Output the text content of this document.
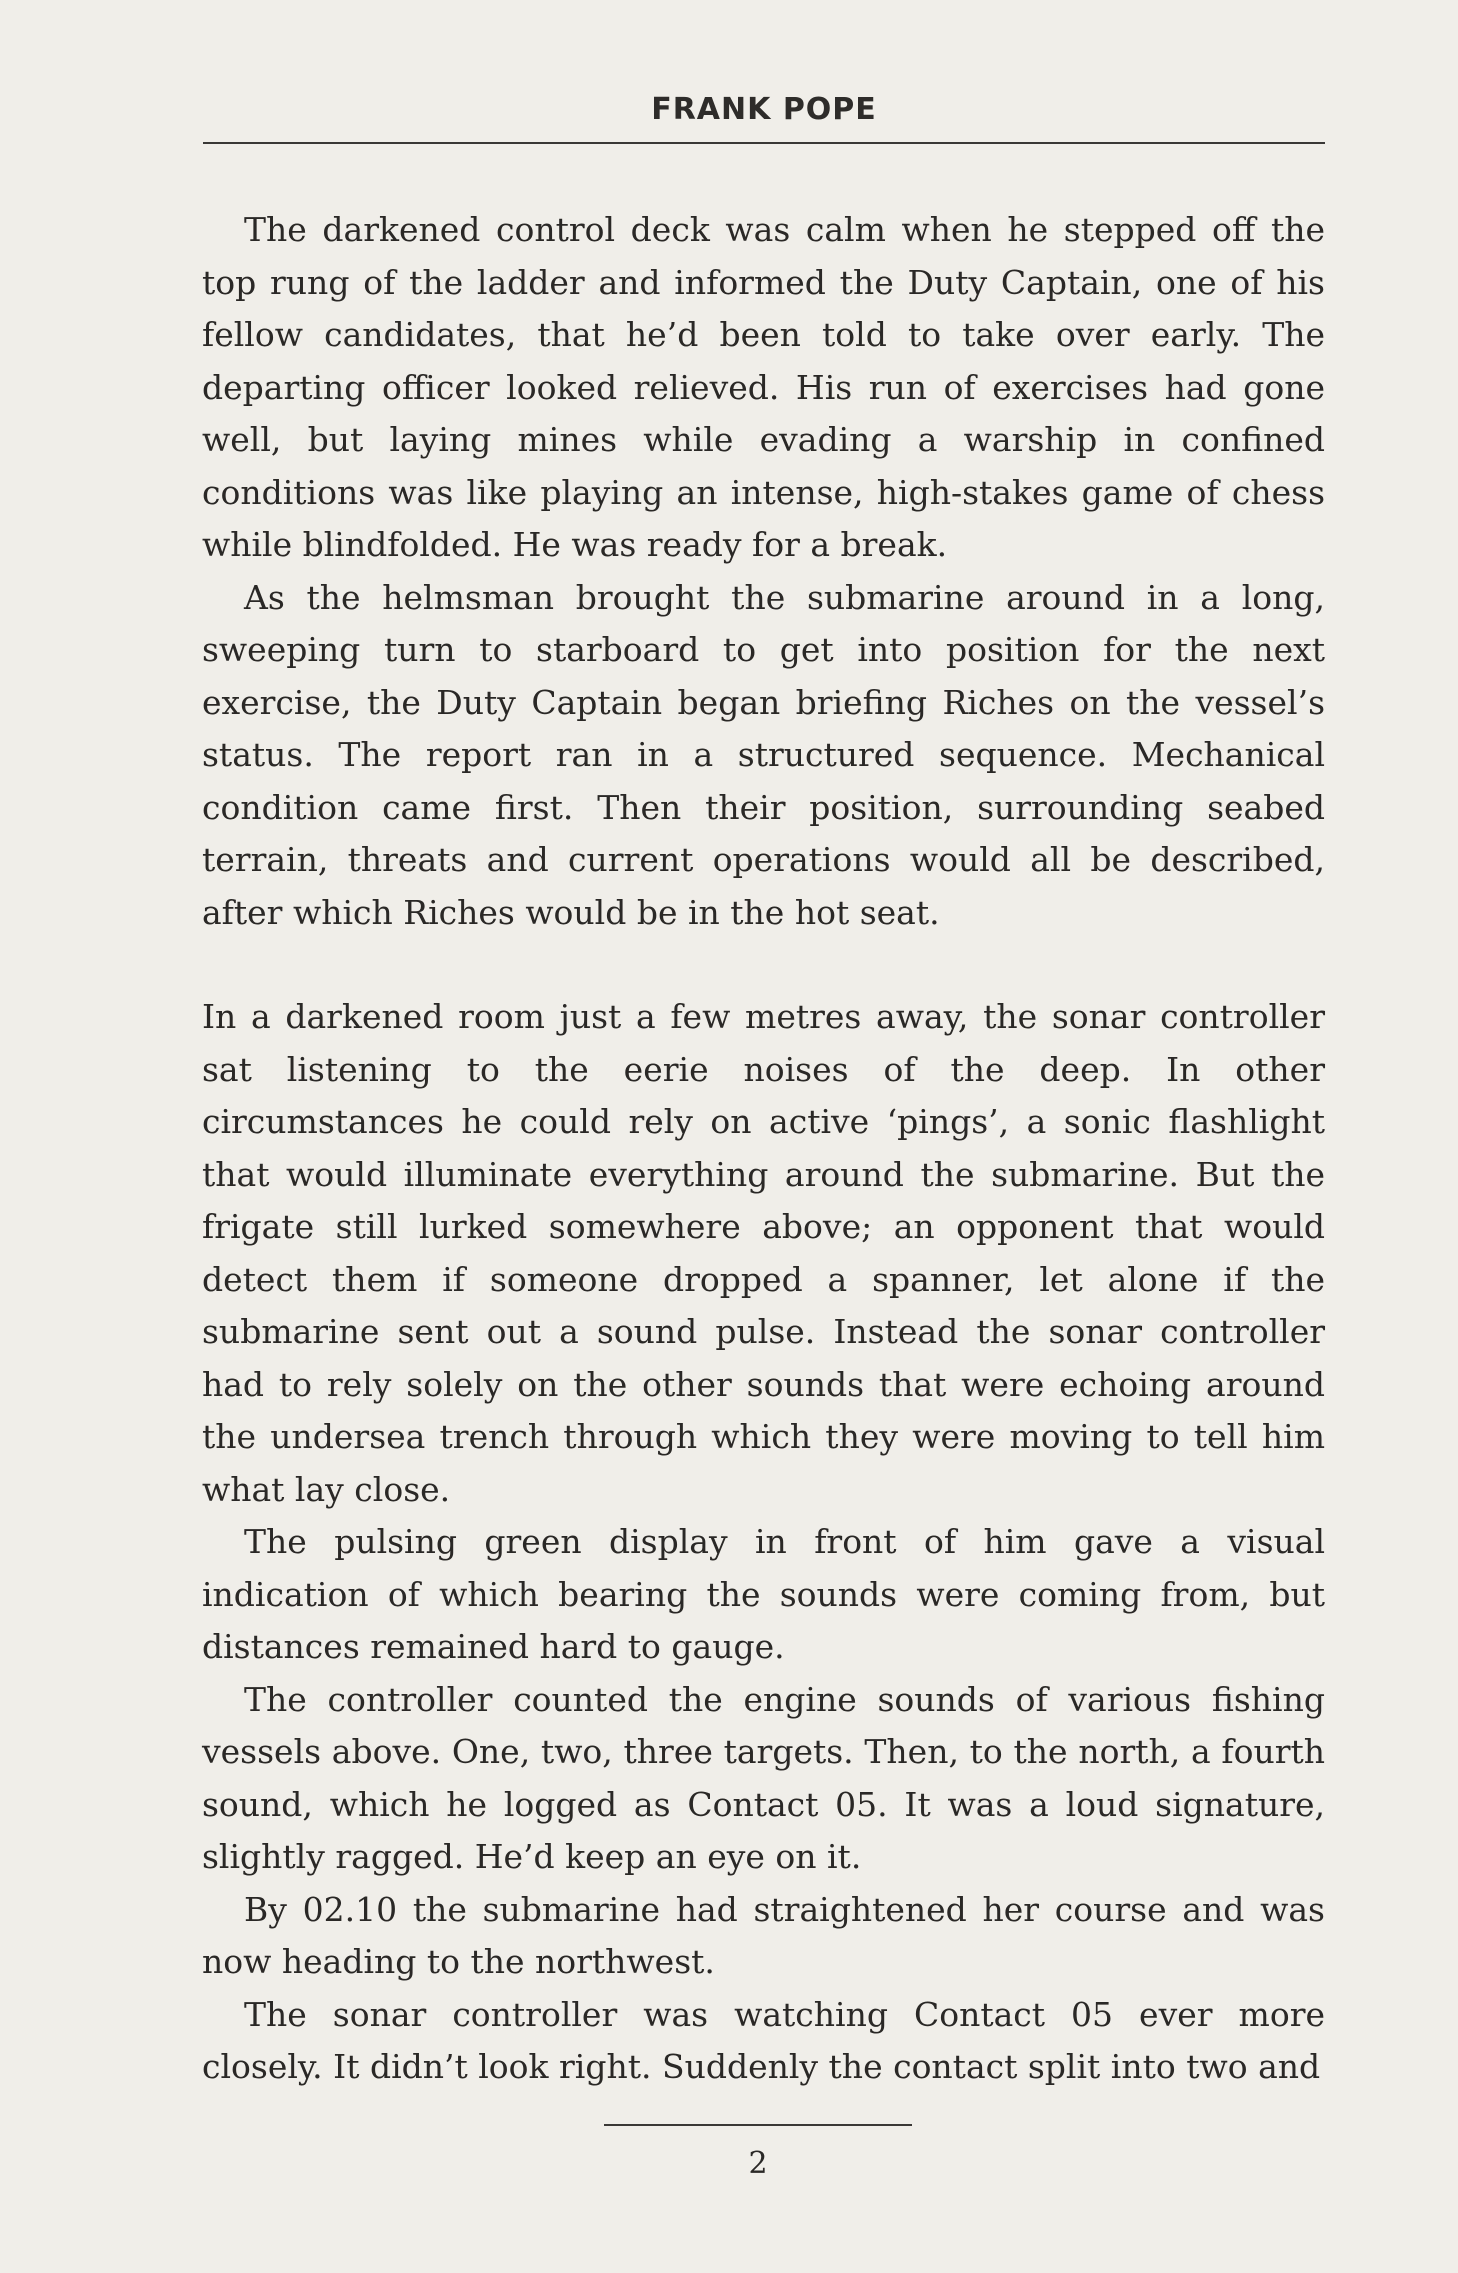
FRANK POPE

The darkened control deck was calm when he stepped off the top rung of the ladder and informed the Duty Captain, one of his fellow candidates, that he’d been told to take over early. The departing officer looked relieved. His run of exercises had gone well, but laying mines while evading a warship in confined conditions was like playing an intense, high-stakes game of chess while blindfolded. He was ready for a break.

As the helmsman brought the submarine around in a long, sweeping turn to starboard to get into position for the next exercise, the Duty Captain began briefing Riches on the vessel’s status. The report ran in a structured sequence. Mechanical condition came first. Then their position, surrounding seabed terrain, threats and current operations would all be described, after which Riches would be in the hot seat.

In a darkened room just a few metres away, the sonar controller sat listening to the eerie noises of the deep. In other circumstances he could rely on active ‘pings’, a sonic flashlight that would illuminate everything around the submarine. But the frigate still lurked somewhere above; an opponent that would detect them if someone dropped a spanner, let alone if the submarine sent out a sound pulse. Instead the sonar controller had to rely solely on the other sounds that were echoing around the undersea trench through which they were moving to tell him what lay close.

The pulsing green display in front of him gave a visual indication of which bearing the sounds were coming from, but distances remained hard to gauge.

The controller counted the engine sounds of various fishing vessels above. One, two, three targets. Then, to the north, a fourth sound, which he logged as Contact 05. It was a loud signature, slightly ragged. He’d keep an eye on it.

By 02.10 the submarine had straightened her course and was now heading to the northwest.

The sonar controller was watching Contact 05 ever more closely. It didn’t look right. Suddenly the contact split into two and

2
